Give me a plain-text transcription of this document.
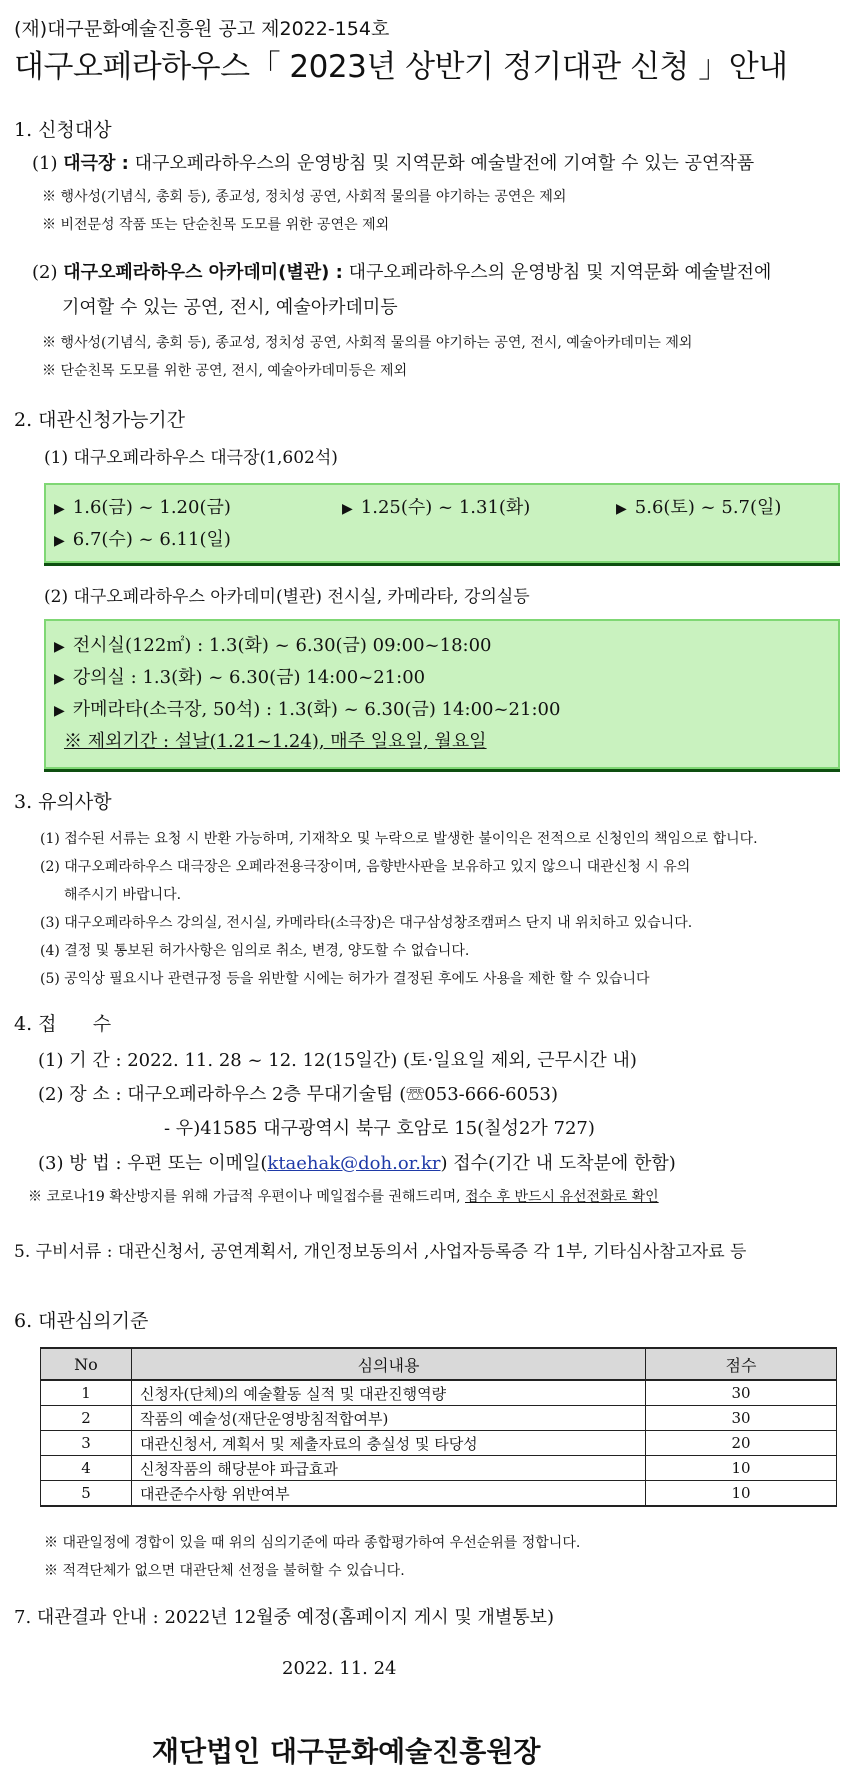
(재)대구문화예술진흥원 공고 제2022-154호
대구오페라하우스「 2023년 상반기 정기대관 신청 」안내
1. 신청대상
(1) 대극장 : 대구오페라하우스의 운영방침 및 지역문화 예술발전에 기여할 수 있는 공연작품
※ 행사성(기념식, 총회 등), 종교성, 정치성 공연, 사회적 물의를 야기하는 공연은 제외
※ 비전문성 작품 또는 단순친목 도모를 위한 공연은 제외
(2) 대구오페라하우스 아카데미(별관) : 대구오페라하우스의 운영방침 및 지역문화 예술발전에
기여할 수 있는 공연, 전시, 예술아카데미등
※ 행사성(기념식, 총회 등), 종교성, 정치성 공연, 사회적 물의를 야기하는 공연, 전시, 예술아카데미는 제외
※ 단순친목 도모를 위한 공연, 전시, 예술아카데미등은 제외
2. 대관신청가능기간
(1) 대구오페라하우스 대극장(1,602석)
▶ 1.6(금) ~ 1.20(금)	▶ 1.25(수) ~ 1.31(화)	▶ 5.6(토) ~ 5.7(일)
▶ 6.7(수) ~ 6.11(일)
(2) 대구오페라하우스 아카데미(별관) 전시실, 카메라타, 강의실등
▶ 전시실(122㎡) : 1.3(화) ~ 6.30(금) 09:00~18:00
▶ 강의실 : 1.3(화) ~ 6.30(금) 14:00~21:00
▶ 카메라타(소극장, 50석) : 1.3(화) ~ 6.30(금) 14:00~21:00
※ 제외기간 : 설날(1.21~1.24), 매주 일요일, 월요일
3. 유의사항
(1) 접수된 서류는 요청 시 반환 가능하며, 기재착오 및 누락으로 발생한 불이익은 전적으로 신청인의 책임으로 합니다.
(2) 대구오페라하우스 대극장은 오페라전용극장이며, 음향반사판을 보유하고 있지 않으니 대관신청 시 유의
해주시기 바랍니다.
(3) 대구오페라하우스 강의실, 전시실, 카메라타(소극장)은 대구삼성창조캠퍼스 단지 내 위치하고 있습니다.
(4) 결정 및 통보된 허가사항은 임의로 취소, 변경, 양도할 수 없습니다.
(5) 공익상 필요시나 관련규정 등을 위반할 시에는 허가가 결정된 후에도 사용을 제한 할 수 있습니다
4. 접      수
(1) 기 간 : 2022. 11. 28 ~ 12. 12(15일간) (토·일요일 제외, 근무시간 내)
(2) 장 소 : 대구오페라하우스 2층 무대기술팀 (☏053-666-6053)
- 우)41585 대구광역시 북구 호암로 15(칠성2가 727)
(3) 방 법 : 우편 또는 이메일(ktaehak@doh.or.kr) 접수(기간 내 도착분에 한함)
※ 코로나19 확산방지를 위해 가급적 우편이나 메일접수를 권해드리며, 접수 후 반드시 유선전화로 확인
5. 구비서류 : 대관신청서, 공연계획서, 개인정보동의서 ,사업자등록증 각 1부, 기타심사참고자료 등
6. 대관심의기준
No	심의내용	점수
1	신청자(단체)의 예술활동 실적 및 대관진행역량	30
2	작품의 예술성(재단운영방침적합여부)	30
3	대관신청서, 계획서 및 제출자료의 충실성 및 타당성	20
4	신청작품의 해당분야 파급효과	10
5	대관준수사항 위반여부	10
※ 대관일정에 경합이 있을 때 위의 심의기준에 따라 종합평가하여 우선순위를 정합니다.
※ 적격단체가 없으면 대관단체 선정을 불허할 수 있습니다.
7. 대관결과 안내 : 2022년 12월중 예정(홈페이지 게시 및 개별통보)
2022. 11. 24
재단법인 대구문화예술진흥원장
